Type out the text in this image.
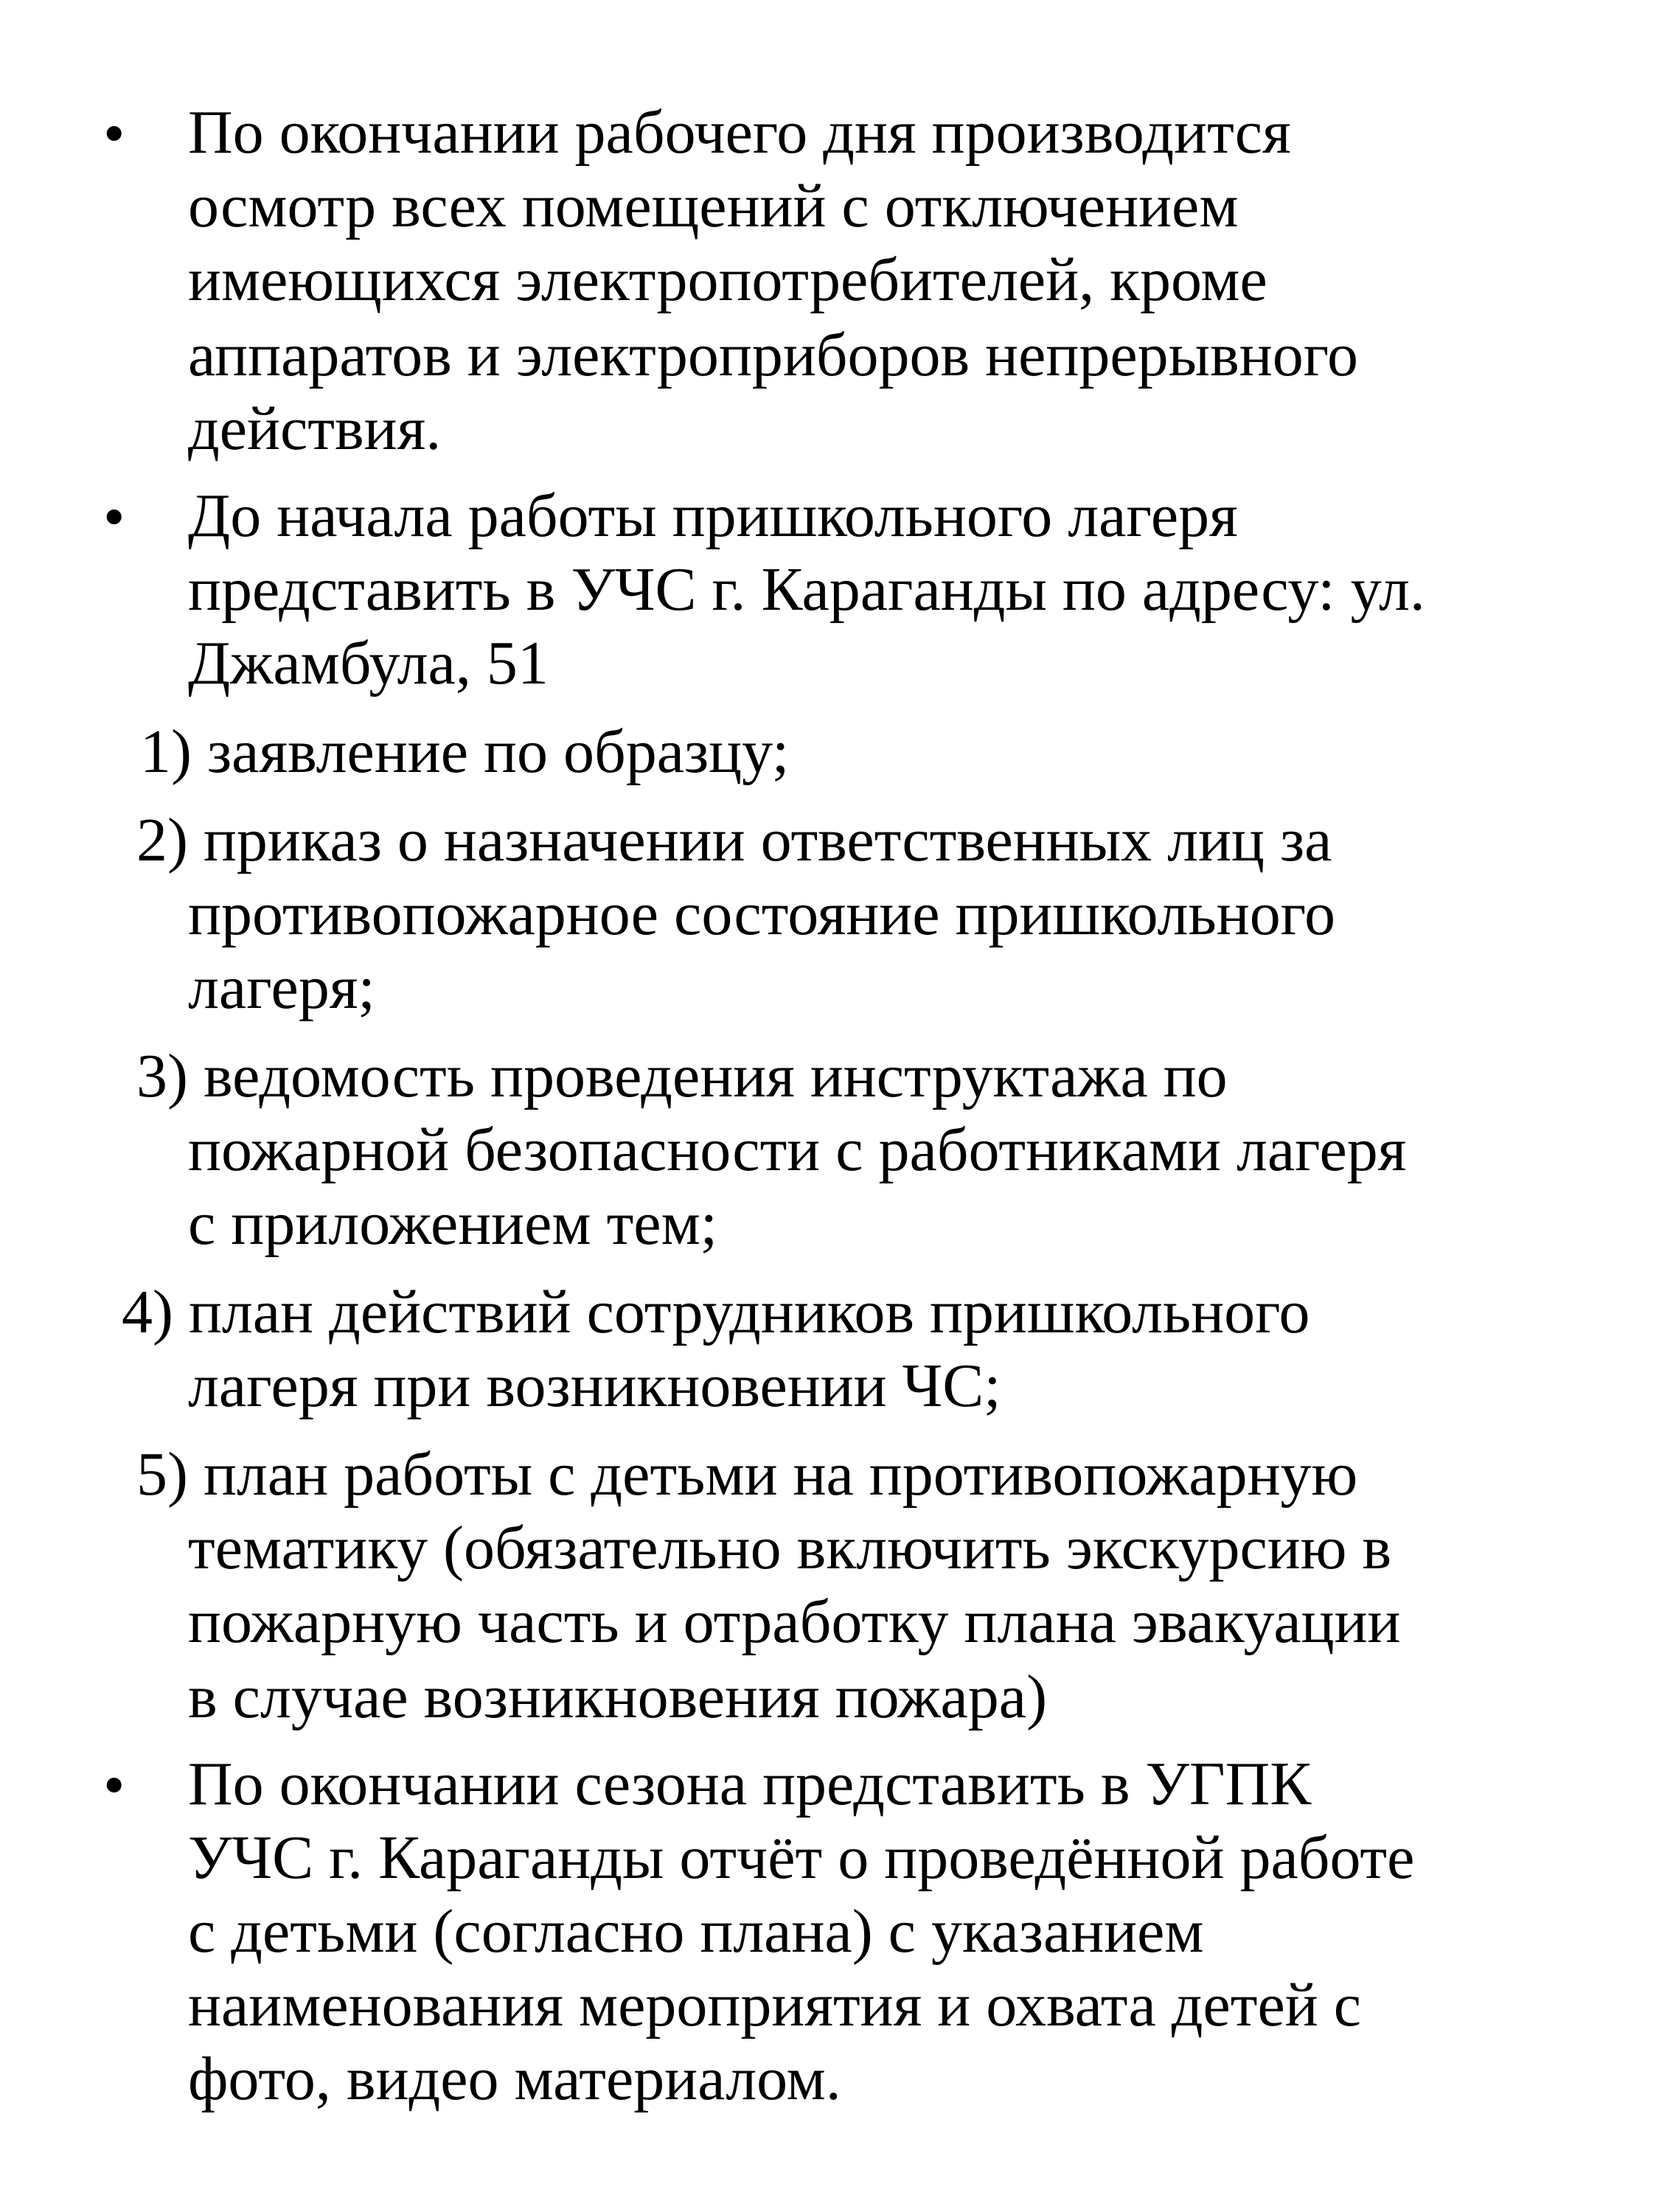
• По окончании рабочего дня производится
осмотр всех помещений с отключением
имеющихся электропотребителей, кроме
аппаратов и электроприборов непрерывного
действия.
• До начала работы пришкольного лагеря
представить в УЧС г. Караганды по адресу: ул.
Джамбула, 51
1) заявление по образцу;
2) приказ о назначении ответственных лиц за
противопожарное состояние пришкольного
лагеря;
3) ведомость проведения инструктажа по
пожарной безопасности с работниками лагеря
с приложением тем;
4) план действий сотрудников пришкольного
лагеря при возникновении ЧС;
5) план работы с детьми на противопожарную
тематику (обязательно включить экскурсию в
пожарную часть и отработку плана эвакуации
в случае возникновения пожара)
• По окончании сезона представить в УГПК
УЧС г. Караганды отчёт о проведённой работе
с детьми (согласно плана) с указанием
наименования мероприятия и охвата детей с
фото, видео материалом.
